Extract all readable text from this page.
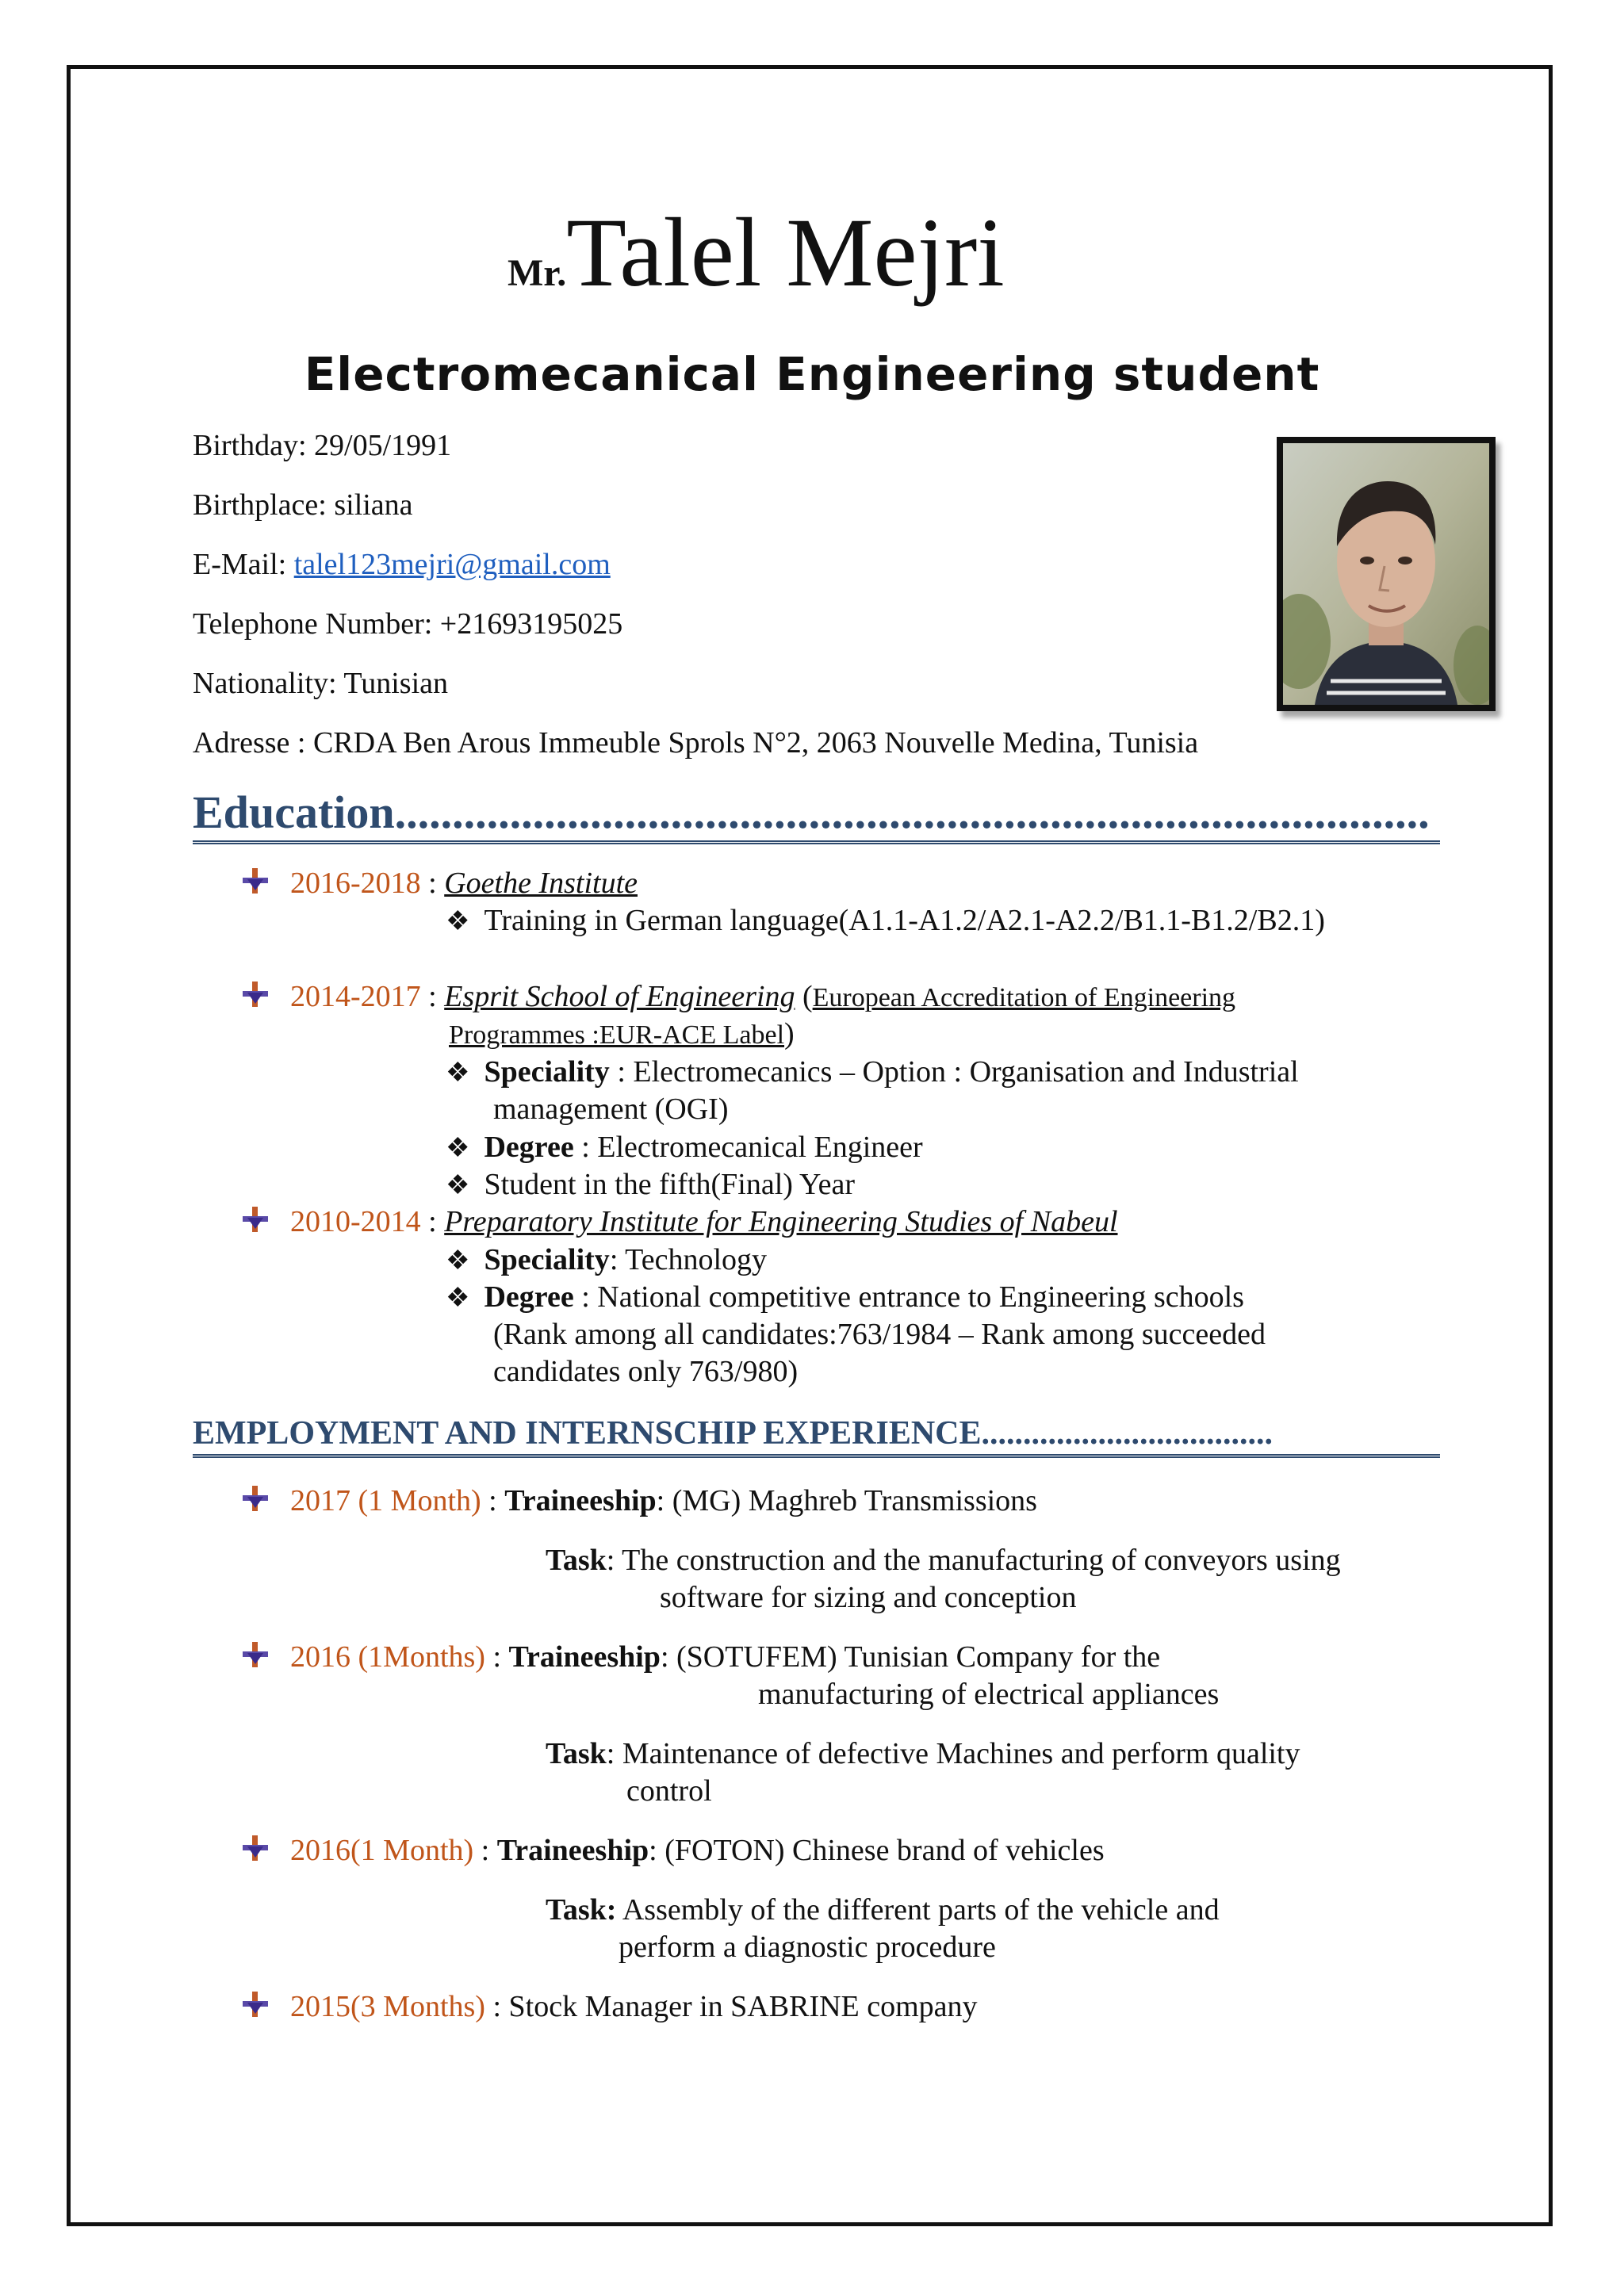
Mr.Talel Mejri
Electromecanical Engineering student
Birthday: 29/05/1991
Birthplace: siliana
E-Mail: talel123mejri@gmail.com
Telephone Number: +21693195025
Nationality: Tunisian
Adresse : CRDA Ben Arous Immeuble Sprols N°2, 2063 Nouvelle Medina, Tunisia
Education..........................................................................................
2016-2018 : Goethe Institute
❖ Training in German language(A1.1-A1.2/A2.1-A2.2/B1.1-B1.2/B2.1)
2014-2017 : Esprit School of Engineering (European Accreditation of Engineering
Programmes :EUR-ACE Label)
❖ Speciality : Electromecanics – Option : Organisation and Industrial
management (OGI)
❖ Degree : Electromecanical Engineer
❖ Student in the fifth(Final) Year
2010-2014 : Preparatory Institute for Engineering Studies of Nabeul
❖ Speciality: Technology
❖ Degree : National competitive entrance to Engineering schools
(Rank among all candidates:763/1984 – Rank among succeeded
candidates only 763/980)
EMPLOYMENT AND INTERNSCHIP EXPERIENCE...................................
2017 (1 Month) : Traineeship: (MG) Maghreb Transmissions
Task: The construction and the manufacturing of conveyors using
software for sizing and conception
2016 (1Months) : Traineeship: (SOTUFEM) Tunisian Company for the
manufacturing of electrical appliances
Task: Maintenance of defective Machines and perform quality
control
2016(1 Month) : Traineeship: (FOTON) Chinese brand of vehicles
Task: Assembly of the different parts of the vehicle and
perform a diagnostic procedure
2015(3 Months) : Stock Manager in SABRINE company
